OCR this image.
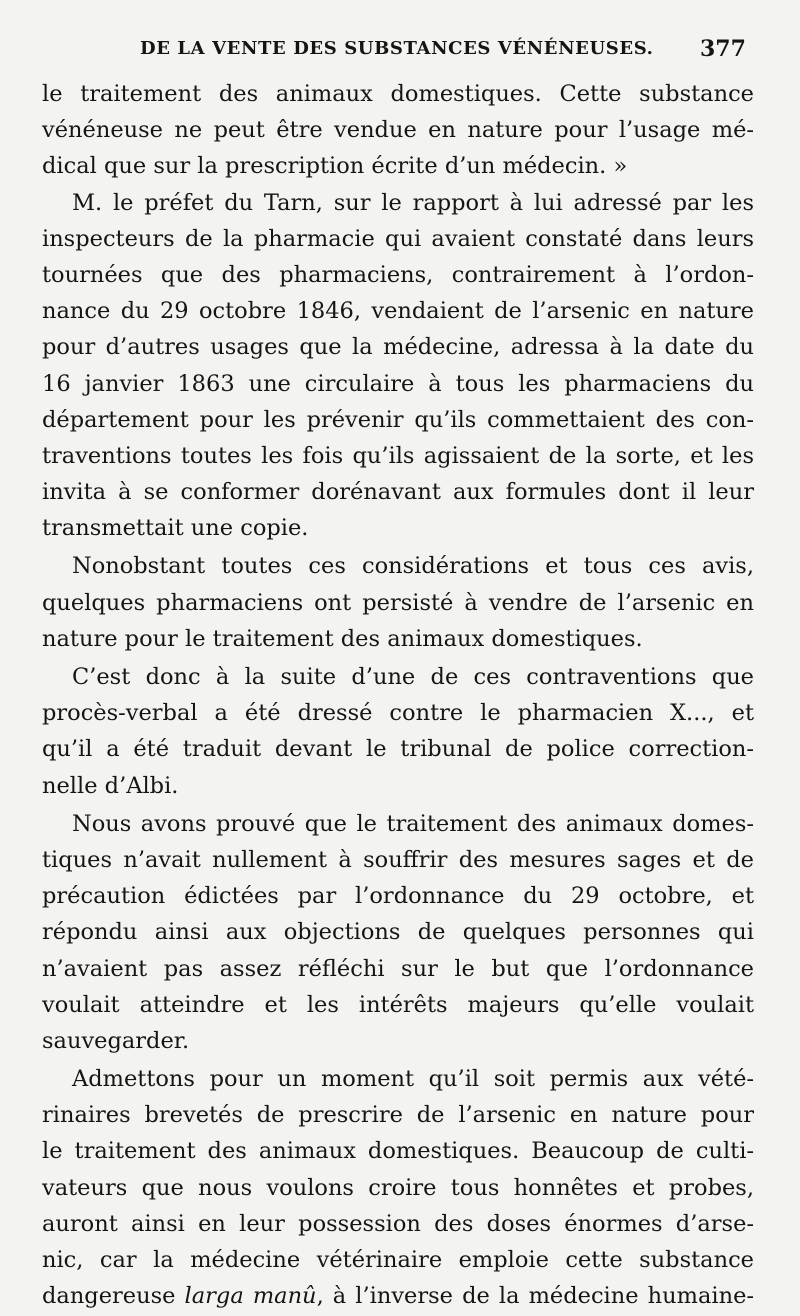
DE LA VENTE DES SUBSTANCES VÉNÉNEUSES. 377
le traitement des animaux domestiques. Cette substance
vénéneuse ne peut être vendue en nature pour l’usage mé-
dical que sur la prescription écrite d’un médecin. »
M. le préfet du Tarn, sur le rapport à lui adressé par les
inspecteurs de la pharmacie qui avaient constaté dans leurs
tournées que des pharmaciens, contrairement à l’ordon-
nance du 29 octobre 1846, vendaient de l’arsenic en nature
pour d’autres usages que la médecine, adressa à la date du
16 janvier 1863 une circulaire à tous les pharmaciens du
département pour les prévenir qu’ils commettaient des con-
traventions toutes les fois qu’ils agissaient de la sorte, et les
invita à se conformer dorénavant aux formules dont il leur
transmettait une copie.
Nonobstant toutes ces considérations et tous ces avis,
quelques pharmaciens ont persisté à vendre de l’arsenic en
nature pour le traitement des animaux domestiques.
C’est donc à la suite d’une de ces contraventions que
procès-verbal a été dressé contre le pharmacien X..., et
qu’il a été traduit devant le tribunal de police correction-
nelle d’Albi.
Nous avons prouvé que le traitement des animaux domes-
tiques n’avait nullement à souffrir des mesures sages et de
précaution édictées par l’ordonnance du 29 octobre, et
répondu ainsi aux objections de quelques personnes qui
n’avaient pas assez réfléchi sur le but que l’ordonnance
voulait atteindre et les intérêts majeurs qu’elle voulait
sauvegarder.
Admettons pour un moment qu’il soit permis aux vété-
rinaires brevetés de prescrire de l’arsenic en nature pour
le traitement des animaux domestiques. Beaucoup de culti-
vateurs que nous voulons croire tous honnêtes et probes,
auront ainsi en leur possession des doses énormes d’arse-
nic, car la médecine vétérinaire emploie cette substance
dangereuse larga manû, à l’inverse de la médecine humaine-
